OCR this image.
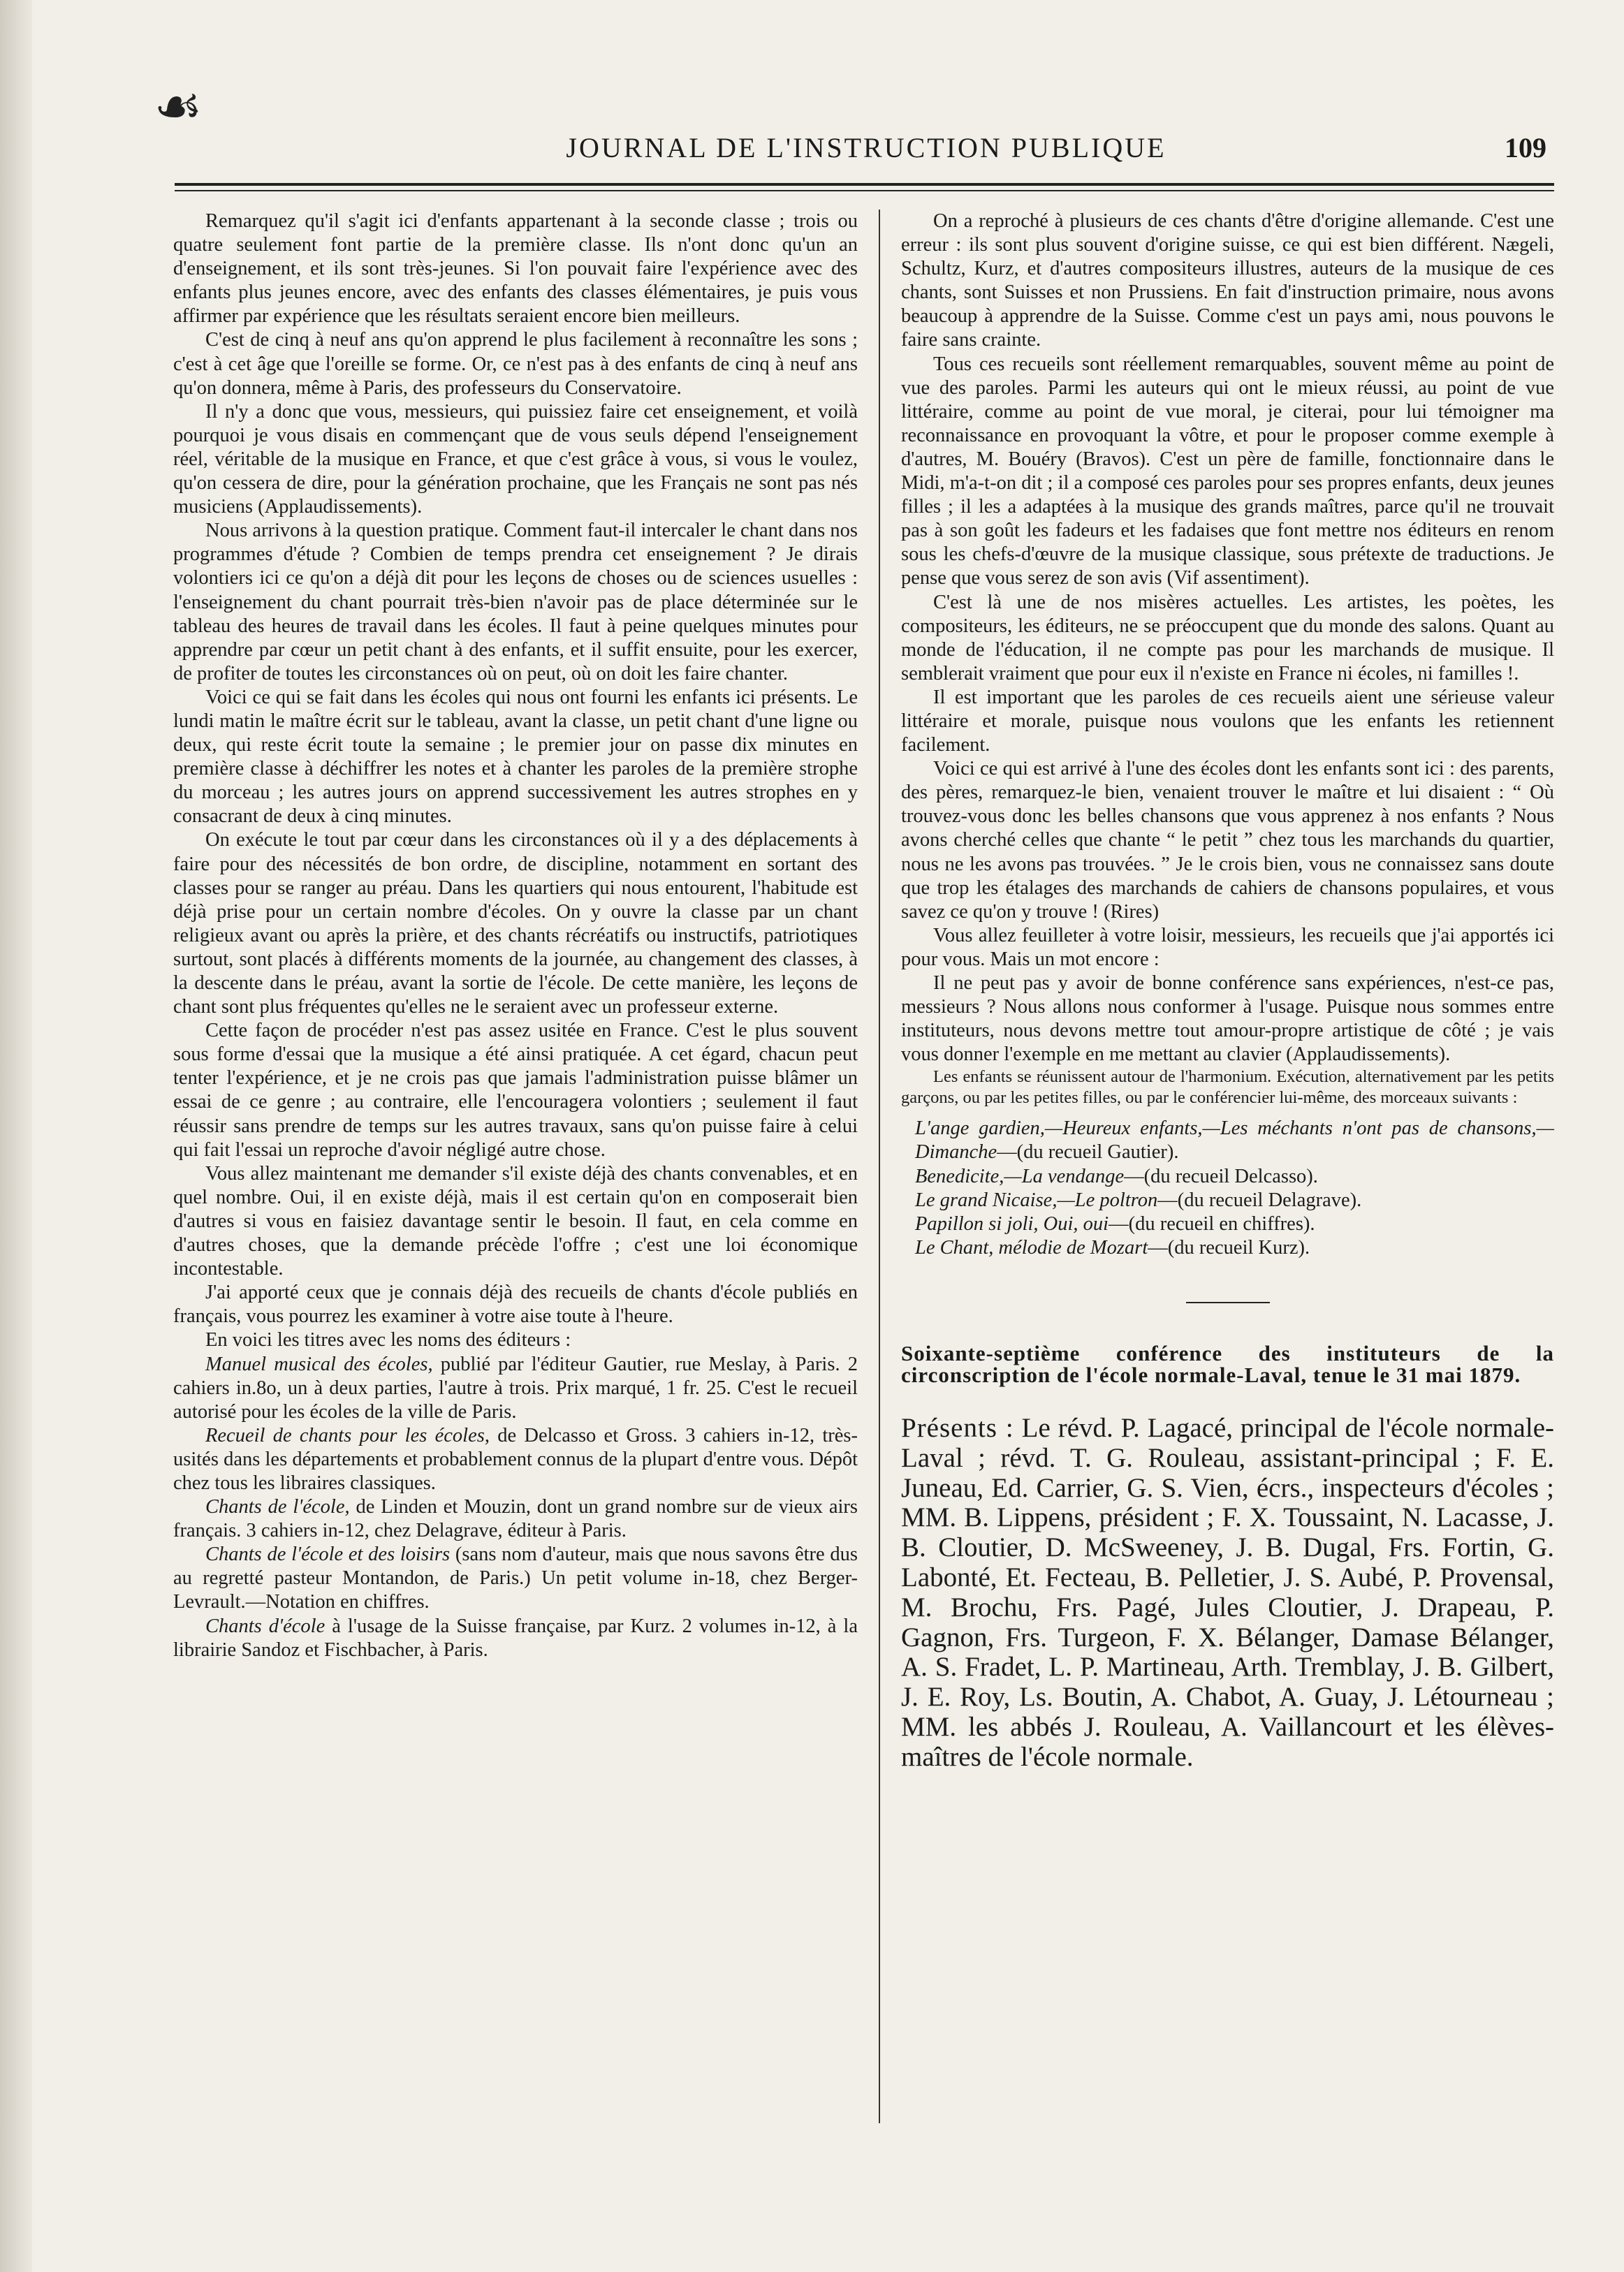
☙
JOURNAL DE L'INSTRUCTION PUBLIQUE	109

Remarquez qu'il s'agit ici d'enfants appartenant à la seconde classe ; trois ou quatre seulement font partie de la première classe. Ils n'ont donc qu'un an d'enseignement, et ils sont très-jeunes. Si l'on pouvait faire l'expérience avec des enfants plus jeunes encore, avec des enfants des classes élémentaires, je puis vous affirmer par expérience que les résultats seraient encore bien meilleurs.

C'est de cinq à neuf ans qu'on apprend le plus facilement à reconnaître les sons ; c'est à cet âge que l'oreille se forme. Or, ce n'est pas à des enfants de cinq à neuf ans qu'on donnera, même à Paris, des professeurs du Conservatoire.

Il n'y a donc que vous, messieurs, qui puissiez faire cet enseignement, et voilà pourquoi je vous disais en commençant que de vous seuls dépend l'enseignement réel, véritable de la musique en France, et que c'est grâce à vous, si vous le voulez, qu'on cessera de dire, pour la génération prochaine, que les Français ne sont pas nés musiciens (Applaudissements).

Nous arrivons à la question pratique. Comment faut-il intercaler le chant dans nos programmes d'étude ? Combien de temps prendra cet enseignement ? Je dirais volontiers ici ce qu'on a déjà dit pour les leçons de choses ou de sciences usuelles : l'enseignement du chant pourrait très-bien n'avoir pas de place déterminée sur le tableau des heures de travail dans les écoles. Il faut à peine quelques minutes pour apprendre par cœur un petit chant à des enfants, et il suffit ensuite, pour les exercer, de profiter de toutes les circonstances où on peut, où on doit les faire chanter.

Voici ce qui se fait dans les écoles qui nous ont fourni les enfants ici présents. Le lundi matin le maître écrit sur le tableau, avant la classe, un petit chant d'une ligne ou deux, qui reste écrit toute la semaine ; le premier jour on passe dix minutes en première classe à déchiffrer les notes et à chanter les paroles de la première strophe du morceau ; les autres jours on apprend successivement les autres strophes en y consacrant de deux à cinq minutes.

On exécute le tout par cœur dans les circonstances où il y a des déplacements à faire pour des nécessités de bon ordre, de discipline, notamment en sortant des classes pour se ranger au préau. Dans les quartiers qui nous entourent, l'habitude est déjà prise pour un certain nombre d'écoles. On y ouvre la classe par un chant religieux avant ou après la prière, et des chants récréatifs ou instructifs, patriotiques surtout, sont placés à différents moments de la journée, au changement des classes, à la descente dans le préau, avant la sortie de l'école. De cette manière, les leçons de chant sont plus fréquentes qu'elles ne le seraient avec un professeur externe.

Cette façon de procéder n'est pas assez usitée en France. C'est le plus souvent sous forme d'essai que la musique a été ainsi pratiquée. A cet égard, chacun peut tenter l'expérience, et je ne crois pas que jamais l'administration puisse blâmer un essai de ce genre ; au contraire, elle l'encouragera volontiers ; seulement il faut réussir sans prendre de temps sur les autres travaux, sans qu'on puisse faire à celui qui fait l'essai un reproche d'avoir négligé autre chose.

Vous allez maintenant me demander s'il existe déjà des chants convenables, et en quel nombre. Oui, il en existe déjà, mais il est certain qu'on en composerait bien d'autres si vous en faisiez davantage sentir le besoin. Il faut, en cela comme en d'autres choses, que la demande précède l'offre ; c'est une loi économique incontestable.

J'ai apporté ceux que je connais déjà des recueils de chants d'école publiés en français, vous pourrez les examiner à votre aise toute à l'heure.

En voici les titres avec les noms des éditeurs :

Manuel musical des écoles, publié par l'éditeur Gautier, rue Meslay, à Paris. 2 cahiers in.8o, un à deux parties, l'autre à trois. Prix marqué, 1 fr. 25. C'est le recueil autorisé pour les écoles de la ville de Paris.

Recueil de chants pour les écoles, de Delcasso et Gross. 3 cahiers in-12, très-usités dans les départements et probablement connus de la plupart d'entre vous. Dépôt chez tous les libraires classiques.

Chants de l'école, de Linden et Mouzin, dont un grand nombre sur de vieux airs français. 3 cahiers in-12, chez Delagrave, éditeur à Paris.

Chants de l'école et des loisirs (sans nom d'auteur, mais que nous savons être dus au regretté pasteur Montandon, de Paris.) Un petit volume in-18, chez Berger-Levrault.—Notation en chiffres.

Chants d'école à l'usage de la Suisse française, par Kurz. 2 volumes in-12, à la librairie Sandoz et Fischbacher, à Paris.

On a reproché à plusieurs de ces chants d'être d'origine allemande. C'est une erreur : ils sont plus souvent d'origine suisse, ce qui est bien différent. Nægeli, Schultz, Kurz, et d'autres compositeurs illustres, auteurs de la musique de ces chants, sont Suisses et non Prussiens. En fait d'instruction primaire, nous avons beaucoup à apprendre de la Suisse. Comme c'est un pays ami, nous pouvons le faire sans crainte.

Tous ces recueils sont réellement remarquables, souvent même au point de vue des paroles. Parmi les auteurs qui ont le mieux réussi, au point de vue littéraire, comme au point de vue moral, je citerai, pour lui témoigner ma reconnaissance en provoquant la vôtre, et pour le proposer comme exemple à d'autres, M. Bouéry (Bravos). C'est un père de famille, fonctionnaire dans le Midi, m'a-t-on dit ; il a composé ces paroles pour ses propres enfants, deux jeunes filles ; il les a adaptées à la musique des grands maîtres, parce qu'il ne trouvait pas à son goût les fadeurs et les fadaises que font mettre nos éditeurs en renom sous les chefs-d'œuvre de la musique classique, sous prétexte de traductions. Je pense que vous serez de son avis (Vif assentiment).

C'est là une de nos misères actuelles. Les artistes, les poètes, les compositeurs, les éditeurs, ne se préoccupent que du monde des salons. Quant au monde de l'éducation, il ne compte pas pour les marchands de musique. Il semblerait vraiment que pour eux il n'existe en France ni écoles, ni familles !.

Il est important que les paroles de ces recueils aient une sérieuse valeur littéraire et morale, puisque nous voulons que les enfants les retiennent facilement.

Voici ce qui est arrivé à l'une des écoles dont les enfants sont ici : des parents, des pères, remarquez-le bien, venaient trouver le maître et lui disaient : “ Où trouvez-vous donc les belles chansons que vous apprenez à nos enfants ? Nous avons cherché celles que chante “ le petit ” chez tous les marchands du quartier, nous ne les avons pas trouvées. ” Je le crois bien, vous ne connaissez sans doute que trop les étalages des marchands de cahiers de chansons populaires, et vous savez ce qu'on y trouve ! (Rires)

Vous allez feuilleter à votre loisir, messieurs, les recueils que j'ai apportés ici pour vous. Mais un mot encore :

Il ne peut pas y avoir de bonne conférence sans expériences, n'est-ce pas, messieurs ? Nous allons nous conformer à l'usage. Puisque nous sommes entre instituteurs, nous devons mettre tout amour-propre artistique de côté ; je vais vous donner l'exemple en me mettant au clavier (Applaudissements).

Les enfants se réunissent autour de l'harmonium. Exécution, alternativement par les petits garçons, ou par les petites filles, ou par le conférencier lui-même, des morceaux suivants :

L'ange gardien,—Heureux enfants,—Les méchants n'ont pas de chansons,—Dimanche—(du recueil Gautier).

Benedicite,—La vendange—(du recueil Delcasso).

Le grand Nicaise,—Le poltron—(du recueil Delagrave).

Papillon si joli, Oui, oui—(du recueil en chiffres).

Le Chant, mélodie de Mozart—(du recueil Kurz).

Soixante-septième conférence des instituteurs de la circonscription de l'école normale-Laval, tenue le 31 mai 1879.

Présents : Le révd. P. Lagacé, principal de l'école normale-Laval ; révd. T. G. Rouleau, assistant-principal ; F. E. Juneau, Ed. Carrier, G. S. Vien, écrs., inspecteurs d'écoles ; MM. B. Lippens, président ; F. X. Toussaint, N. Lacasse, J. B. Cloutier, D. McSweeney, J. B. Dugal, Frs. Fortin, G. Labonté, Et. Fecteau, B. Pelletier, J. S. Aubé, P. Provensal, M. Brochu, Frs. Pagé, Jules Cloutier, J. Drapeau, P. Gagnon, Frs. Turgeon, F. X. Bélanger, Damase Bélanger, A. S. Fradet, L. P. Martineau, Arth. Tremblay, J. B. Gilbert, J. E. Roy, Ls. Boutin, A. Chabot, A. Guay, J. Létourneau ; MM. les abbés J. Rouleau, A. Vaillancourt et les élèves-maîtres de l'école normale.
